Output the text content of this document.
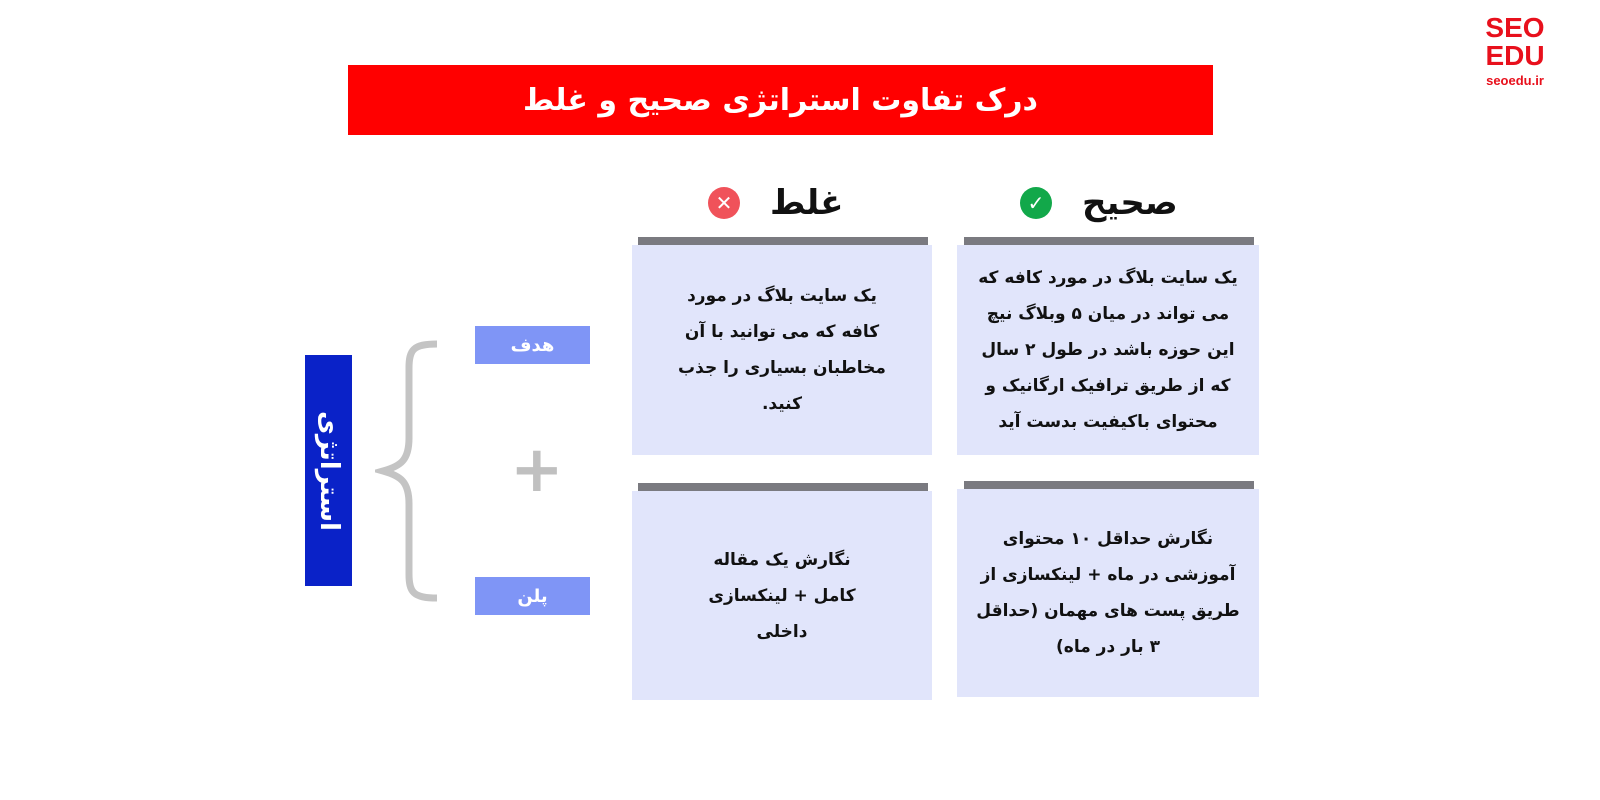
درک تفاوت استراتژی صحیح و غلط
SEO
EDU
seoedu.ir
صحیح
✓
غلط
✕
یک سایت بلاگ در مورد کافه که می تواند در میان ۵ وبلاگ نیچ این حوزه باشد در طول ۲ سال که از طریق ترافیک ارگانیک و محتوای باکیفیت بدست آید
یک سایت بلاگ در مورد کافه که می توانید با آن مخاطبان بسیاری را جذب کنید.
نگارش حداقل ۱۰ محتوای آموزشی در ماه + لینکسازی از طریق پست های مهمان (حداقل ۳ بار در ماه)
نگارش یک مقاله کامل + لینکسازی داخلی
هدف
پلن
+
استراتژی
